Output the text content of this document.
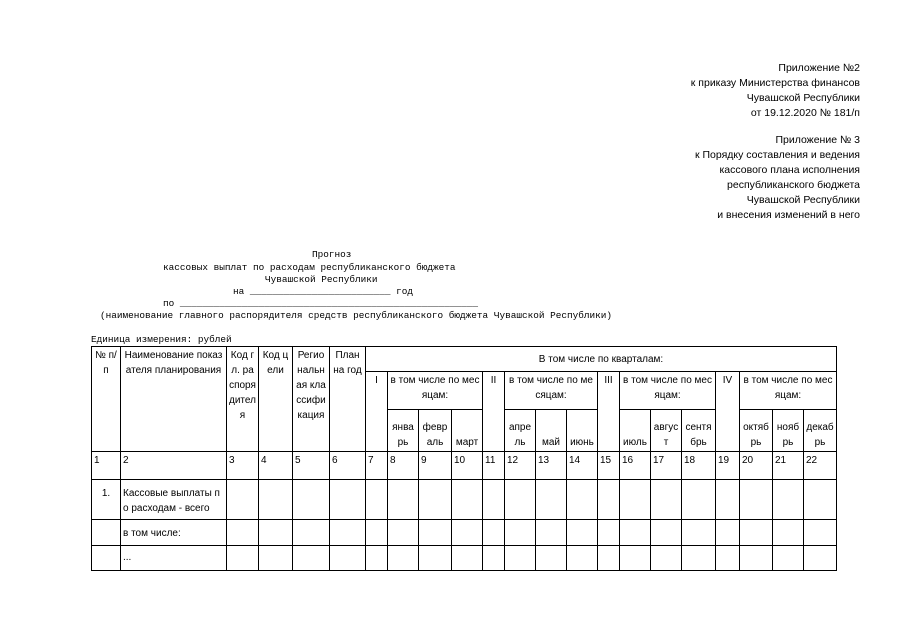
Приложение №2
к приказу Министерства финансов
Чувашской Республики
от 19.12.2020 № 181/п
Приложение № 3
к Порядку составления и ведения
кассового плана исполнения
республиканского бюджета
Чувашской Республики
и внесения изменений в него
Прогноз
кассовых выплат по расходам республиканского бюджета
Чувашской Республики
на _________________________ год
по _____________________________________________________
(наименование главного распорядителя средств республиканского бюджета Чувашской Республики)
Единица измерения: рублей
№ п/п	Наименование показателя планирования	Код гл. распорядителя	Код цели	Региональная классификация	План на год	В том числе по кварталам:															
						I	в том числе по месяцам:			II	в том числе по месяцам:			III	в том числе по месяцам:			IV	в том числе по месяцам:		
							январь	февраль	март		апрель	май	июнь		июль	август	сентябрь		октябрь	ноябрь	декабрь
1	2	3	4	5	6	7	8	9	10	11	12	13	14	15	16	17	18	19	20	21	22
1.	Кассовые выплаты по расходам - всего																				
	в том числе:																				
	...																				
